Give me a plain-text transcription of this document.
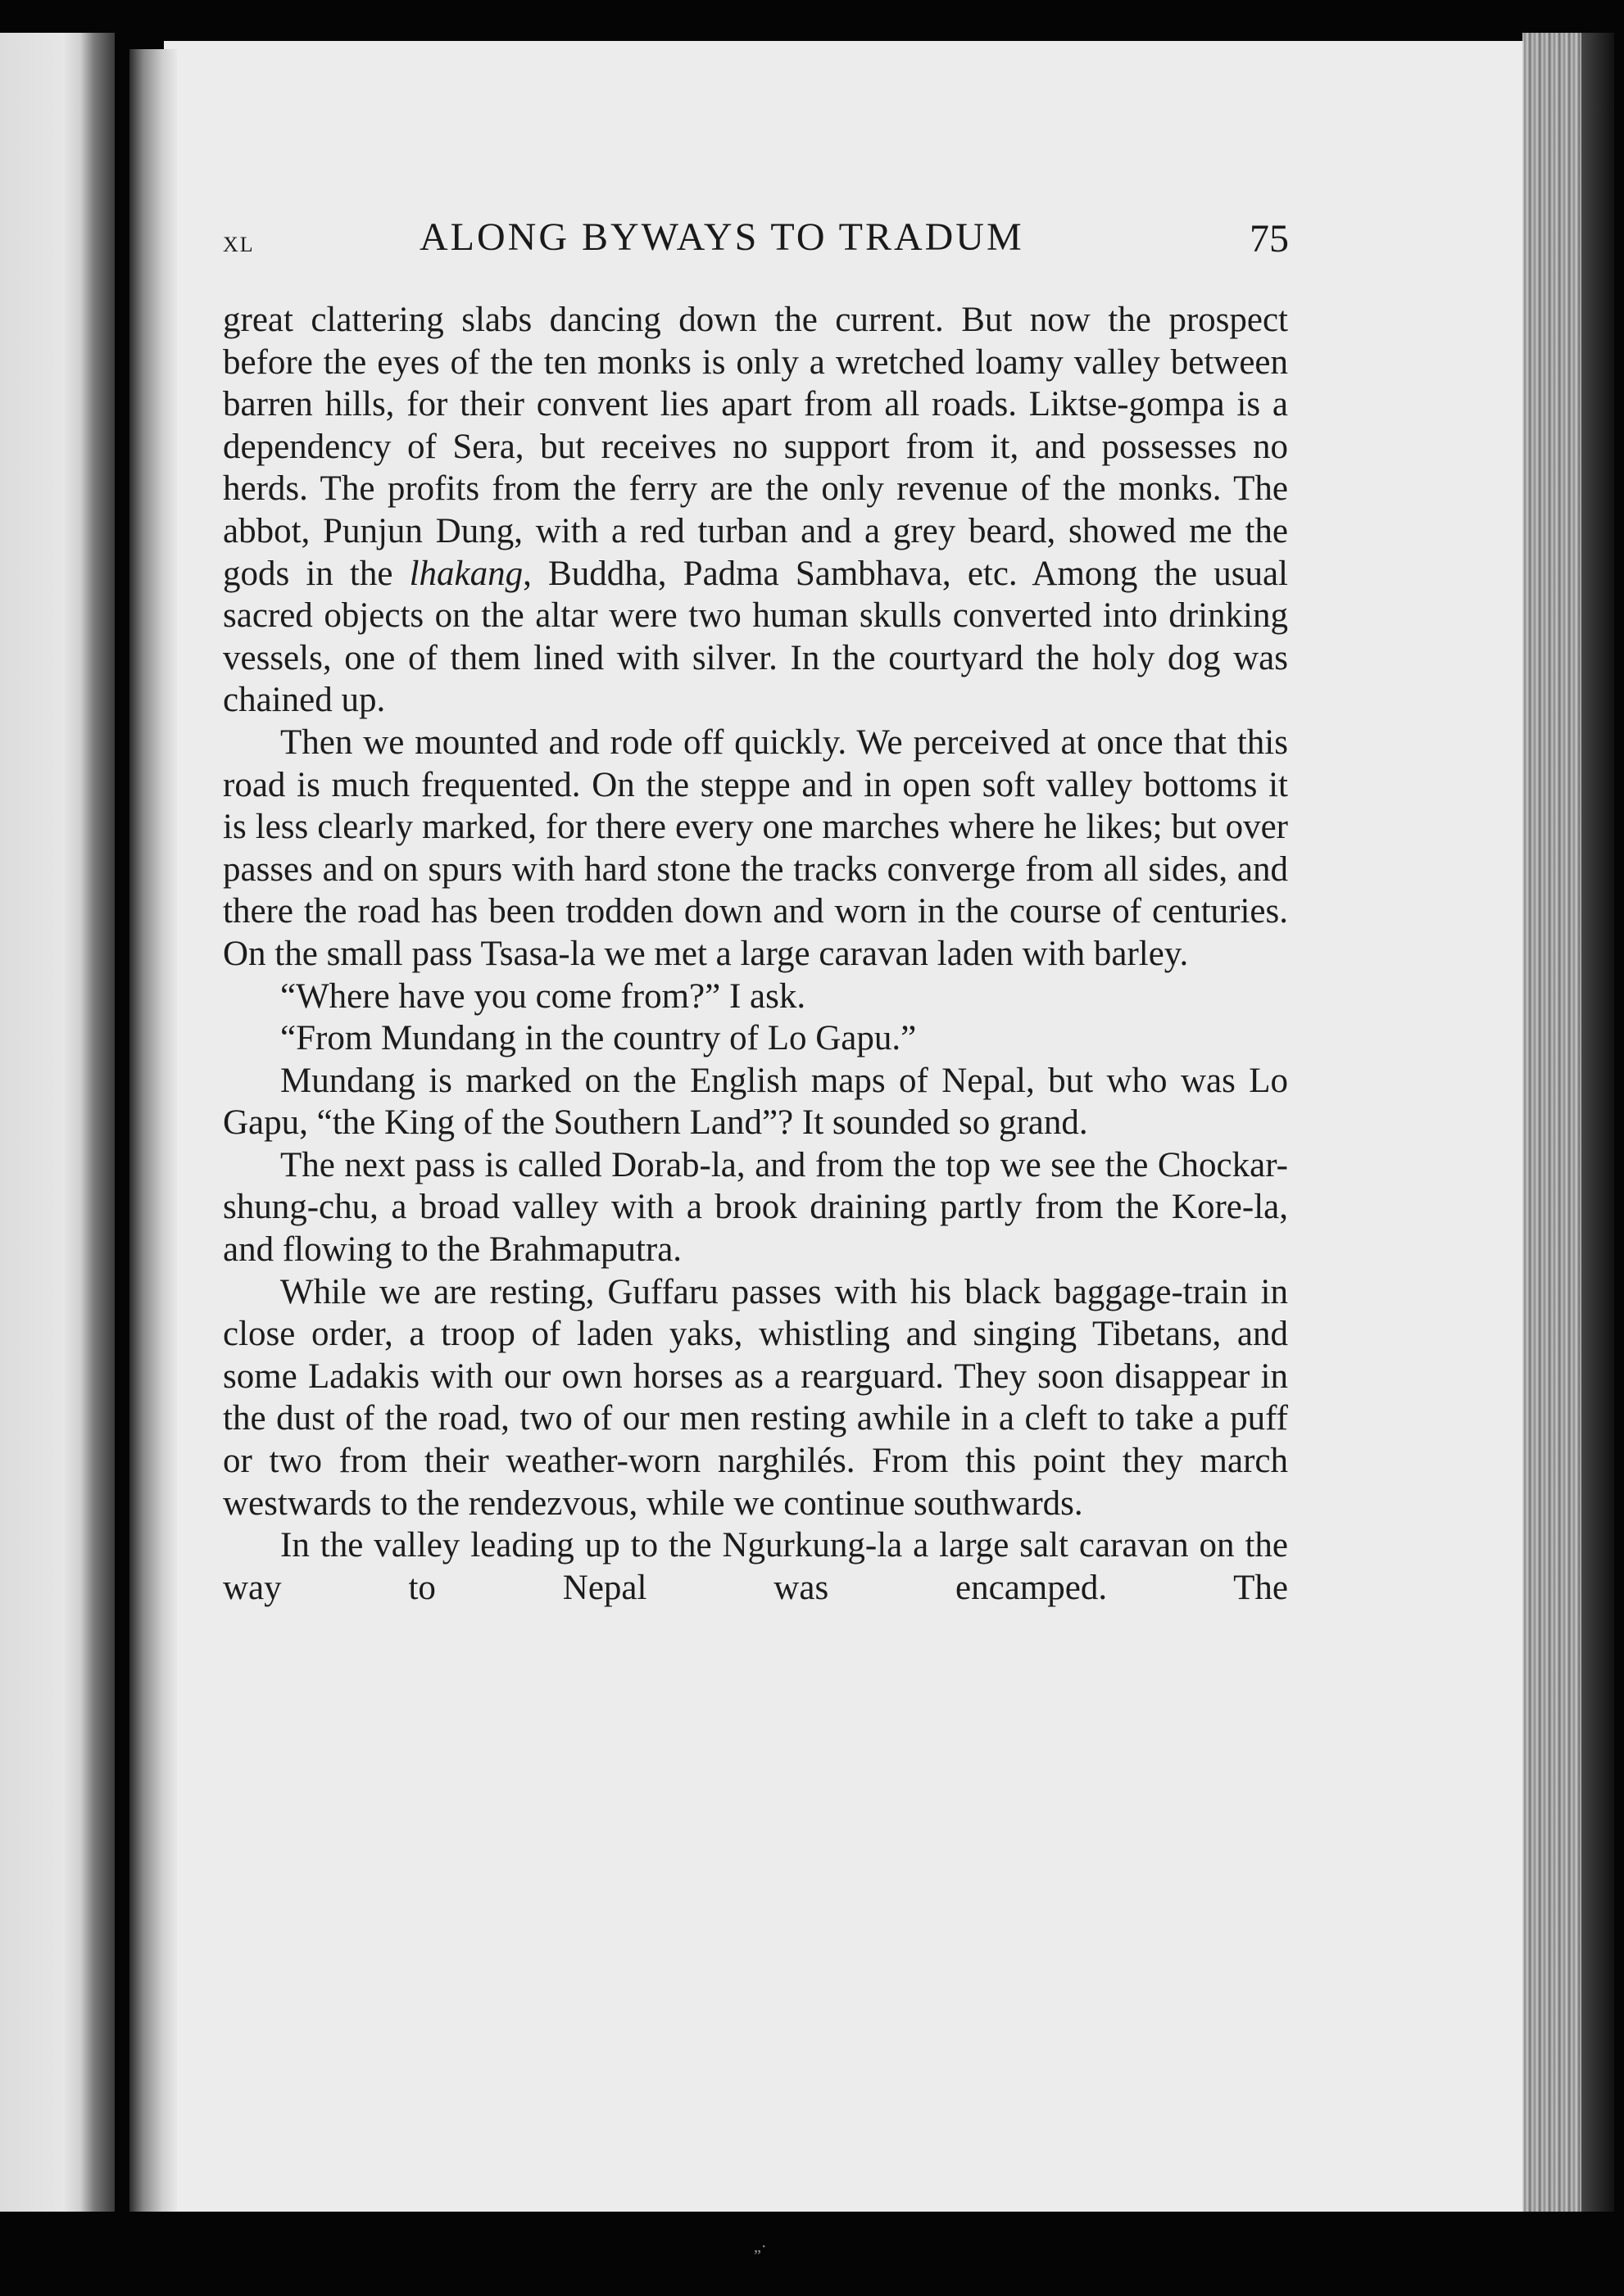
XL	ALONG BYWAYS TO TRADUM	75

great clattering slabs dancing down the current. But now the prospect before the eyes of the ten monks is only a wretched loamy valley between barren hills, for their convent lies apart from all roads. Liktse-gompa is a dependency of Sera, but receives no support from it, and possesses no herds. The profits from the ferry are the only revenue of the monks. The abbot, Punjun Dung, with a red turban and a grey beard, showed me the gods in the lhakang, Buddha, Padma Sambhava, etc. Among the usual sacred objects on the altar were two human skulls converted into drinking vessels, one of them lined with silver. In the courtyard the holy dog was chained up.

Then we mounted and rode off quickly. We perceived at once that this road is much frequented. On the steppe and in open soft valley bottoms it is less clearly marked, for there every one marches where he likes; but over passes and on spurs with hard stone the tracks converge from all sides, and there the road has been trodden down and worn in the course of centuries. On the small pass Tsasa-la we met a large caravan laden with barley.

“Where have you come from?” I ask.

“From Mundang in the country of Lo Gapu.”

Mundang is marked on the English maps of Nepal, but who was Lo Gapu, “the King of the Southern Land”? It sounded so grand.

The next pass is called Dorab-la, and from the top we see the Chockar-shung-chu, a broad valley with a brook draining partly from the Kore-la, and flowing to the Brahmaputra.

While we are resting, Guffaru passes with his black baggage-train in close order, a troop of laden yaks, whistling and singing Tibetans, and some Ladakis with our own horses as a rearguard. They soon disappear in the dust of the road, two of our men resting awhile in a cleft to take a puff or two from their weather-worn narghilés. From this point they march westwards to the rendezvous, while we continue southwards.

In the valley leading up to the Ngurkung-la a large salt caravan on the way to Nepal was encamped. The

„·
